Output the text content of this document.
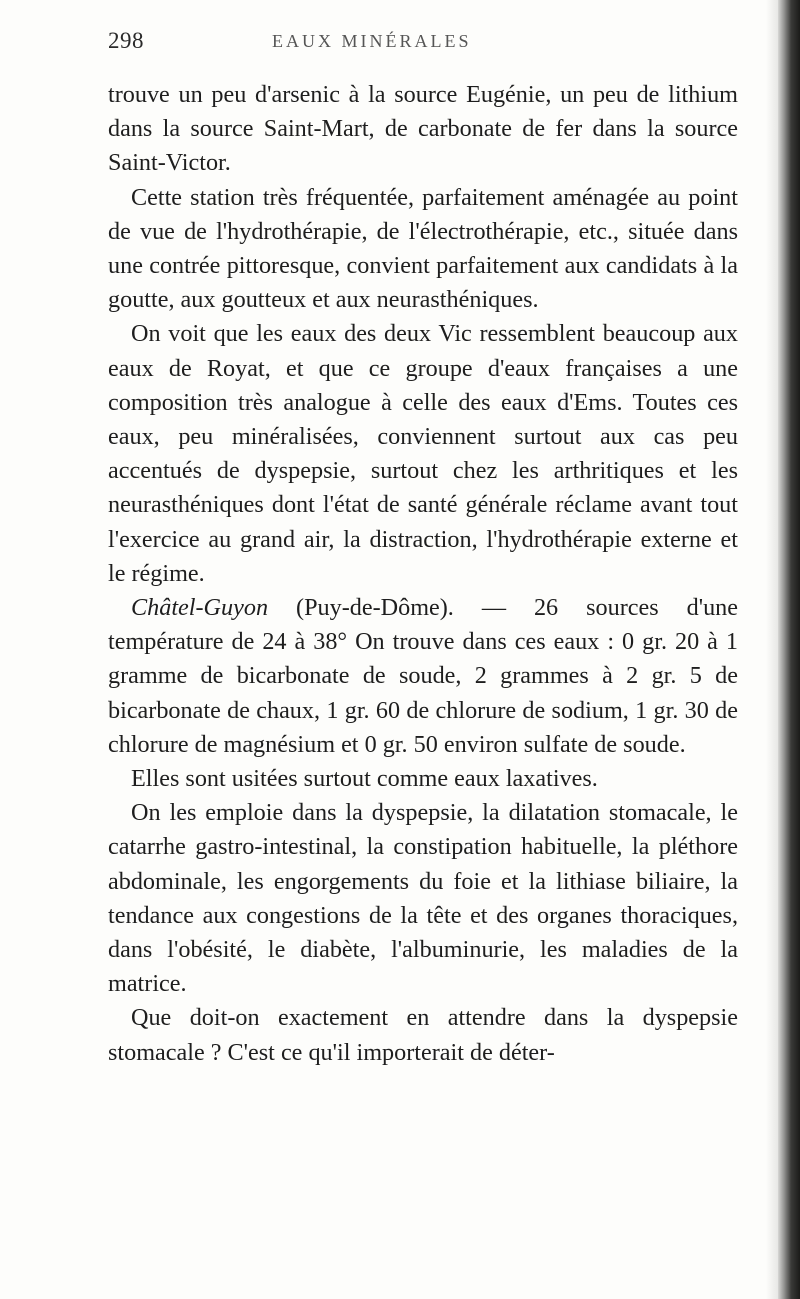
298	EAUX MINÉRALES

trouve un peu d'arsenic à la source Eugénie, un peu de lithium dans la source Saint-Mart, de carbonate de fer dans la source Saint-Victor.

Cette station très fréquentée, parfaitement aménagée au point de vue de l'hydrothérapie, de l'électrothérapie, etc., située dans une contrée pittoresque, convient parfaitement aux candidats à la goutte, aux goutteux et aux neurasthéniques.

On voit que les eaux des deux Vic ressemblent beaucoup aux eaux de Royat, et que ce groupe d'eaux françaises a une composition très analogue à celle des eaux d'Ems. Toutes ces eaux, peu minéralisées, conviennent surtout aux cas peu accentués de dyspepsie, surtout chez les arthritiques et les neurasthéniques dont l'état de santé générale réclame avant tout l'exercice au grand air, la distraction, l'hydrothérapie externe et le régime.

Châtel-Guyon (Puy-de-Dôme). — 26 sources d'une température de 24 à 38° On trouve dans ces eaux : 0 gr. 20 à 1 gramme de bicarbonate de soude, 2 grammes à 2 gr. 5 de bicarbonate de chaux, 1 gr. 60 de chlorure de sodium, 1 gr. 30 de chlorure de magnésium et 0 gr. 50 environ sulfate de soude.

Elles sont usitées surtout comme eaux laxatives.

On les emploie dans la dyspepsie, la dilatation stomacale, le catarrhe gastro-intestinal, la constipation habituelle, la pléthore abdominale, les engorgements du foie et la lithiase biliaire, la tendance aux congestions de la tête et des organes thoraciques, dans l'obésité, le diabète, l'albuminurie, les maladies de la matrice.

Que doit-on exactement en attendre dans la dyspepsie stomacale ? C'est ce qu'il importerait de déter-
